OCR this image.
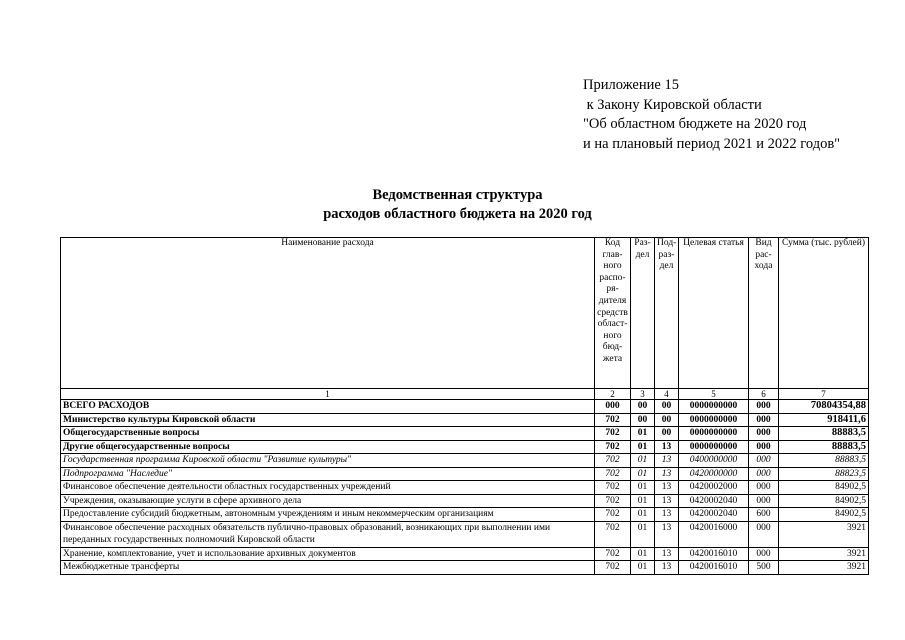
Приложение 15
к Закону Кировской области
"Об областном бюджете на 2020 год
и на плановый период 2021 и 2022 годов"
Ведомственная структура
расходов областного бюджета на 2020 год
Наименование расхода	Код глав-ного распо-ря-дителя средств област-ного бюд-жета	Раз-дел	Под-раз-дел	Целевая статья	Вид рас-хода	Сумма (тыс. рублей)
1	2	3	4	5	6	7
ВСЕГО РАСХОДОВ	000	00	00	0000000000	000	70804354,88
Министерство культуры Кировской области	702	00	00	0000000000	000	918411,6
Общегосударственные вопросы	702	01	00	0000000000	000	88883,5
Другие общегосударственные вопросы	702	01	13	0000000000	000	88883,5
Государственная программа Кировской области "Развитие культуры"	702	01	13	0400000000	000	88883,5
Подпрограмма "Наследие"	702	01	13	0420000000	000	88823,5
Финансовое обеспечение деятельности областных государственных учреждений	702	01	13	0420002000	000	84902,5
Учреждения, оказывающие услуги в сфере архивного дела	702	01	13	0420002040	000	84902,5
Предоставление субсидий бюджетным, автономным учреждениям и иным некоммерческим организациям	702	01	13	0420002040	600	84902,5
Финансовое обеспечение расходных обязательств публично-правовых образований, возникающих при выполнении ими переданных государственных полномочий Кировской области	702	01	13	0420016000	000	3921
Хранение, комплектование, учет и использование архивных документов	702	01	13	0420016010	000	3921
Межбюджетные трансферты	702	01	13	0420016010	500	3921
